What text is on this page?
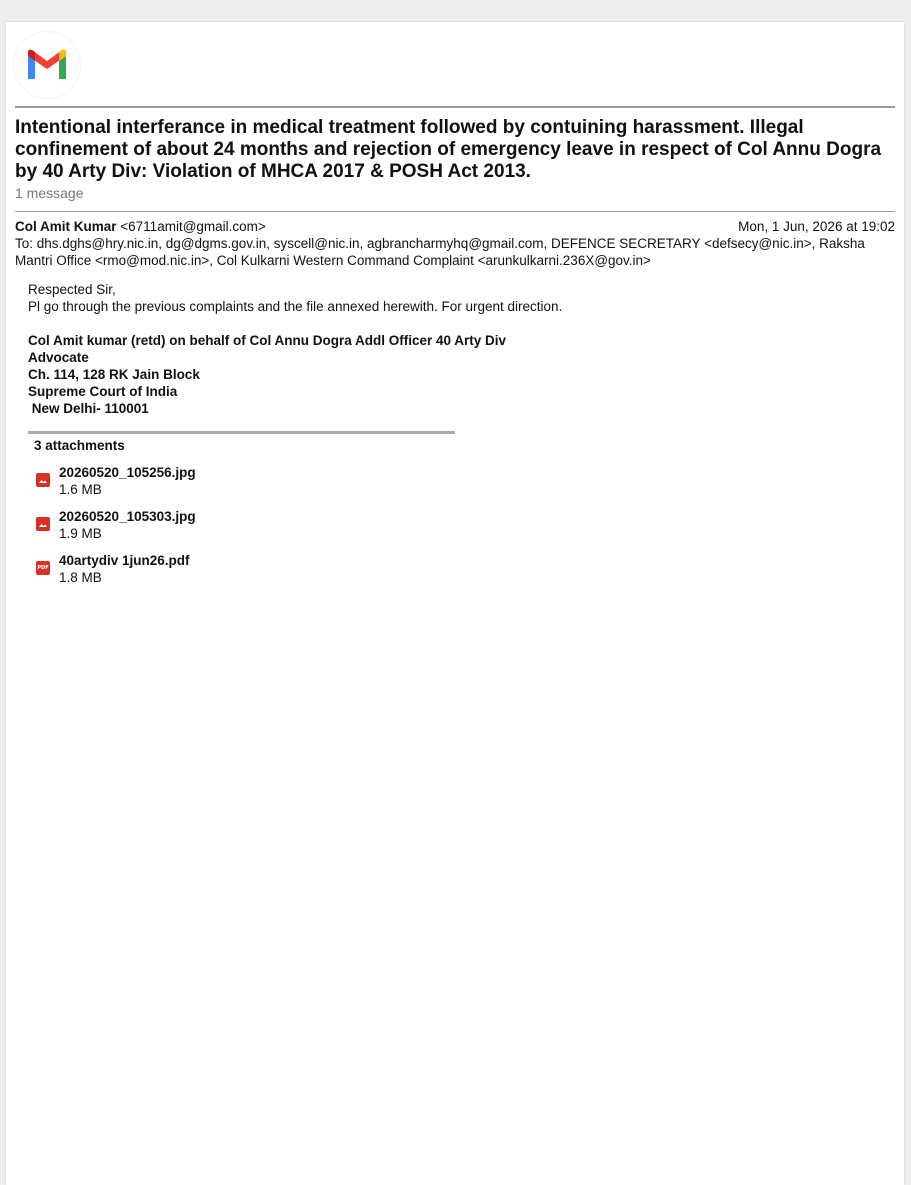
Intentional interferance in medical treatment followed by contuining harassment. Illegal confinement of about 24 months and rejection of emergency leave in respect of Col Annu Dogra by 40 Arty Div: Violation of MHCA 2017 & POSH Act 2013.
1 message
Col Amit Kumar <6711amit@gmail.com>	Mon, 1 Jun, 2026 at 19:02
To: dhs.dghs@hry.nic.in, dg@dgms.gov.in, syscell@nic.in, agbrancharmyhq@gmail.com, DEFENCE SECRETARY <defsecy@nic.in>, Raksha Mantri Office <rmo@mod.nic.in>, Col Kulkarni Western Command Complaint <arunkulkarni.236X@gov.in>
Respected Sir,
Pl go through the previous complaints and the file annexed herewith. For urgent direction.
Col Amit kumar (retd) on behalf of Col Annu Dogra Addl Officer 40 Arty Div
Advocate
Ch. 114, 128 RK Jain Block
Supreme Court of India
New Delhi- 110001
3 attachments
20260520_105256.jpg
1.6 MB
20260520_105303.jpg
1.9 MB
PDF 40artydiv 1jun26.pdf
1.8 MB
